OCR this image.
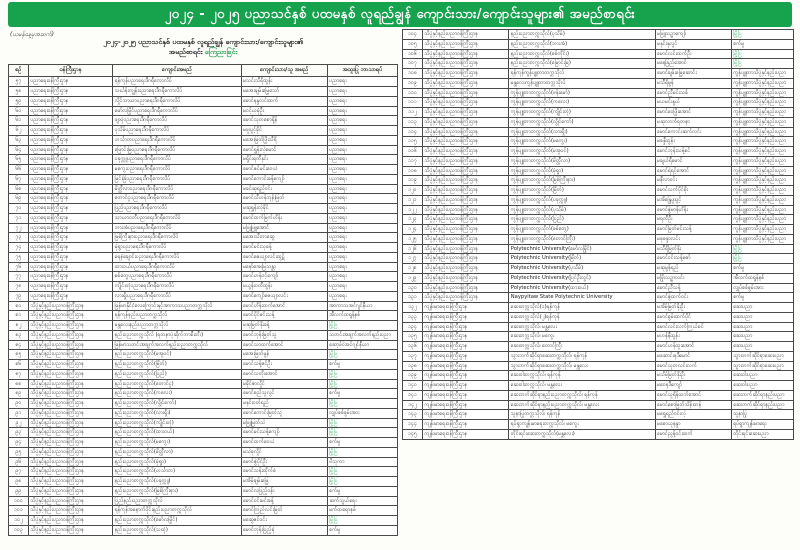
၂၀၂၄ - ၂၀၂၅ ပညာသင်နှစ် ပထမနှစ် လူရည်ချွန် ကျောင်းသား/ကျောင်းသူများ၏ အမည်စာရင်း
(ယမန်နေ့မှအဆက်)
၂၀၂၄-၂၀၂၅ ပညာသင်နှစ် ပထမနှစ် လူရည်ချွန် ကျောင်းသား/ကျောင်းသူများ၏
အမည်စာရင်း ကြေညာခြင်း
စဉ်	ဝန်ကြီးဌာန	ကျောင်းအမည်	ကျောင်းသား/သူ အမည်	အထူးပြု ဘာသာရပ်
၅၇	ပညာရေးဝန်ကြီးဌာန	ရန်ကုန်ပညာရေးဒီဂရီကောလိပ်	မသင်းသီရိထွန်း	ပညာရေး
၅၈	ပညာရေးဝန်ကြီးဌာန	သင်္ဃန်းကျွန်းပညာရေးဒီဂရီကောလိပ်	မအေးချမ်းမြေ့သော်	ပညာရေး
၅၉	ပညာရေးဝန်ကြီးဌာန	လှိုင်သာယာပညာရေးဒီဂရီကောလိပ်	မောင်နန္ဒလင်းထက်	ပညာရေး
၆၀	ပညာရေးဝန်ကြီးဌာန	မော်လမြိုင်ပညာရေးဒီဂရီကောလိပ်	မဝင့်ယမုံဦး	ပညာရေး
၆၁	ပညာရေးဝန်ကြီးဌာန	ဖျာပုံပညာရေးဒီဂရီကောလိပ်	မောင်သုတစောရှိန်	ပညာရေး
၆၂	ပညာရေးဝန်ကြီးဌာန	ပုသိမ်ပညာရေးဒီဂရီကောလိပ်	မဖူးပွင့်ခိုင်	ပညာရေး
၆၃	ပညာရေးဝန်ကြီးဌာန	ဟင်္သာတပညာရေးဒီဂရီကောလိပ်	မအေးမြတ်ဖြိုးသီရိ	ပညာရေး
၆၄	ပညာရေးဝန်ကြီးဌာန	မြောင်းမြပညာရေးဒီဂရီကောလိပ်	မောင်ရွှန်းလဲ့မောင်	ပညာရေး
၆၅	ပညာရေးဝန်ကြီးဌာန	ပခုက္ကူပညာရေးဒီဂရီကောလိပ်	မရှိုင်းရတီနှင်း	ပညာရေး
၆၆	ပညာရေးဝန်ကြီးဌာန	မကွေးပညာရေးဒီဂရီကောလိပ်	မောင်ဇင်မင်းဝေယံ	ပညာရေး
၆၇	ပညာရေးဝန်ကြီးဌာန	မြင်းခြံပညာရေးဒီဂရီကောလိပ်	မောင်ကောင်းခန့်ကျော်	ပညာရေး
၆၈	ပညာရေးဝန်ကြီးဌာန	မိတ္ထီလာပညာရေးဒီဂရီကောလိပ်	မခင်ဆုရည်ဝင်း	ပညာရေး
၆၉	ပညာရေးဝန်ကြီးဌာန	တောင်ငူပညာရေးဒီဂရီကောလိပ်	မောင်သီဟန်ဘုန်းမြတ်	ပညာရေး
၇၀	ပညာရေးဝန်ကြီးဌာန	ပြည်ပညာရေးဒီဂရီကောလိပ်	မဆုရွှန်းလဲ့ခိုင်	ပညာရေး
၇၁	ပညာရေးဝန်ကြီးဌာန	သာယာဝတီပညာရေးဒီဂရီကောလိပ်	မောင်ထက်မြက်ဟိန်း	ပညာရေး
၇၂	ပညာရေးဝန်ကြီးဌာန	ဘားအံပညာရေးဒီဂရီကောလိပ်	မဖြူဖြူအောင်	ပညာရေး
၇၃	ပညာရေးဝန်ကြီးဌာန	မြစ်ကြီးနားပညာရေးဒီဂရီကောလိပ်	မအေးသီတာဆွေ	ပညာရေး
၇၄	ပညာရေးဝန်ကြီးဌာန	မုံရွာပညာရေးဒီဂရီကောလိပ်	မောင်မင်းသုခန့်	ပညာရေး
၇၅	ပညာရေးဝန်ကြီးဌာန	ရေနံချောင်းပညာရေးဒီဂရီကောလိပ်	မောင်ဇေယျာလင်းထွဋ်	ပညာရေး
၇၆	ပညာရေးဝန်ကြီးဌာန	ထားဝယ်ပညာရေးဒီဂရီကောလိပ်	မနော်အေးမြသန္တာ	ပညာရေး
၇၇	ပညာရေးဝန်ကြီးဌာန	စစ်တွေပညာရေးဒီဂရီကောလိပ်	မောင်ဟန်ဝင့်ကျော်	ပညာရေး
၇၈	ပညာရေးဝန်ကြီးဌာန	ကျိုင်းတုံပညာရေးဒီဂရီကောလိပ်	မယွန်းဝတီထွန်း	ပညာရေး
၇၉	ပညာရေးဝန်ကြီးဌာန	လားရှိုးပညာရေးဒီဂရီကောလိပ်	မောင်ကျော်ဇေယျာလင်း	ပညာရေး
၈၀	သိပ္ပံနှင့်နည်းပညာဝန်ကြီးဌာန	မြန်မာနိုင်ငံလေကြောင်းနှင့်အာကာသပညာတက္ကသိုလ်	မောင်ဟိန်းထက်အောင်	အာကာသအင်ဂျင်နီယာ
၈၁	သိပ္ပံနှင့်နည်းပညာဝန်ကြီးဌာန	ရန်ကုန်နည်းပညာတက္ကသိုလ်	မောင်ပိုင်မင်းသန့်	အီလက်ထရွန်နစ်
၈၂	သိပ္ပံနှင့်နည်းပညာဝန်ကြီးဌာန	မန္တလေးနည်းပညာတက္ကသိုလ်	မဆုမြတ်နိုးခန့်	မြို့ပြ
၈၃	သိပ္ပံနှင့်နည်းပညာဝန်ကြီးဌာန	နည်းပညာတက္ကသိုလ် (ရတနာပုံဆိုက်ဘာစီးတီး)	မောင်ဘုန်းမြတ်သူ	သတင်းအချက်အလက်နည်းပညာ
၈၄	သိပ္ပံနှင့်နည်းပညာဝန်ကြီးဌာန	မြန်မာသတင်းအချက်အလက်နည်းပညာတက္ကသိုလ်	မောင်သာထက်အောင်	ဆော့ဖ်ဝဲအင်ဂျင်နီယာ
၈၅	သိပ္ပံနှင့်နည်းပညာဝန်ကြီးဌာန	နည်းပညာတက္ကသိုလ်(မအူပင်)	မအေးမြတ်မွန်	မြို့ပြ
၈၆	သိပ္ပံနှင့်နည်းပညာဝန်ကြီးဌာန	နည်းပညာတက္ကသိုလ်(မြိတ်)	မောင်သန့်ဇင်ဦး	စက်မှု
၈၇	သိပ္ပံနှင့်နည်းပညာဝန်ကြီးဌာန	နည်းပညာတက္ကသိုလ်(ပြည်)	မောင်သတိုးအောင်	မြို့ပြ
၈၈	သိပ္ပံနှင့်နည်းပညာဝန်ကြီးဌာန	နည်းပညာတက္ကသိုလ်(တောင်ငူ)	မခိုင်ဇာလှိုင်	မြို့ပြ
၈၉	သိပ္ပံနှင့်နည်းပညာဝန်ကြီးဌာန	နည်းပညာတက္ကသိုလ်(ကလေး)	မောင်စည်သူလွင်	စက်မှု
၉၀	သိပ္ပံနှင့်နည်းပညာဝန်ကြီးဌာန	နည်းပညာတက္ကသိုလ်(လွိုင်ကော်)	မနှင်းဝတ်ရည်	မြို့ပြ
၉၁	သိပ္ပံနှင့်နည်းပညာဝန်ကြီးဌာန	နည်းပညာတက္ကသိုလ်(လားရှိုး)	မောင်ကောင်းမြတ်သူ	လျှပ်စစ်စွမ်းအား
၉၂	သိပ္ပံနှင့်နည်းပညာဝန်ကြီးဌာန	နည်းပညာတက္ကသိုလ်(ကျိုင်းတုံ)	မဖြူမြတ်သဲ	မြို့ပြ
၉၃	သိပ္ပံနှင့်နည်းပညာဝန်ကြီးဌာန	နည်းပညာတက္ကသိုလ်(ထားဝယ်)	မောင်မင်းသန့်ကျော်	မြို့ပြ
၉၄	သိပ္ပံနှင့်နည်းပညာဝန်ကြီးဌာန	နည်းပညာတက္ကသိုလ်(မကွေး)	မောင်ထက်ဝေယံ	စက်မှု
၉၅	သိပ္ပံနှင့်နည်းပညာဝန်ကြီးဌာန	နည်းပညာတက္ကသိုလ်(မိတ္ထီလာ)	မသဲစုလှိုင်	မြို့ပြ
၉၆	သိပ္ပံနှင့်နည်းပညာဝန်ကြီးဌာန	နည်းပညာတက္ကသိုလ်(မုံရွာ)	မောင်ဇွဲပိုင်ဦး	ဗိသုကာ
၉၇	သိပ္ပံနှင့်နည်းပညာဝန်ကြီးဌာန	နည်းပညာတက္ကသိုလ်(ဟင်္သာတ)	မောင်သန်းထိုက်စံ	မြို့ပြ
၉၈	သိပ္ပံနှင့်နည်းပညာဝန်ကြီးဌာန	နည်းပညာတက္ကသိုလ်(ပခုက္ကူ)	မအိမ့်ချမ်းမြေ့	မြို့ပြ
၉၉	သိပ္ပံနှင့်နည်းပညာဝန်ကြီးဌာန	နည်းပညာတက္ကသိုလ်(မြစ်ကြီးနား)	မောင်လပြည့်ဝန်း	စက်မှု
၁၀၀	သိပ္ပံနှင့်နည်းပညာဝန်ကြီးဌာန	ပြည်နည်းပညာတက္ကသိုလ်	မောင်ဝင်းမင်းခန့်	ဆက်သွယ်ရေး
၁၀၁	သိပ္ပံနှင့်နည်းပညာဝန်ကြီးဌာန	ရန်ကုန်အနောက်ပိုင်းနည်းပညာတက္ကသိုလ်	မောင်ကြည်လင်းမြတ်	မက်ထရောနစ်
၁၀၂	သိပ္ပံနှင့်နည်းပညာဝန်ကြီးဌာန	နည်းပညာတက္ကသိုလ်(မော်လမြိုင်)	မဆွေဇင်ဝင်း	မြို့ပြ
၁၀၃	သိပ္ပံနှင့်နည်းပညာဝန်ကြီးဌာန	နည်းပညာတက္ကသိုလ်(သထုံ)	မောင်ဘုန်းပြည့်စုံ	စက်မှု
၁၀၄	သိပ္ပံနှင့်နည်းပညာဝန်ကြီးဌာန	နည်းပညာတက္ကသိုလ်(ပုသိမ်)	မဖြူသဉ္ဇာကျော်	မြို့ပြ
၁၀၅	သိပ္ပံနှင့်နည်းပညာဝန်ကြီးဌာန	နည်းပညာတက္ကသိုလ်(ဘားအံ)	မနှင်းနုလွင်	စက်မှု
၁၀၆	သိပ္ပံနှင့်နည်းပညာဝန်ကြီးဌာန	နည်းပညာတက္ကသိုလ်(စစ်ကိုင်း)	မောင်လင်းထက်ဦး	မြို့ပြ
၁၀၇	သိပ္ပံနှင့်နည်းပညာဝန်ကြီးဌာန	နည်းပညာတက္ကသိုလ်(မြောင်းမြ)	မနေခြည်အောင်	မြို့ပြ
၁၀၈	သိပ္ပံနှင့်နည်းပညာဝန်ကြီးဌာန	ရန်ကုန်ကွန်ပျူတာတက္ကသိုလ်	မောင်ချမ်းမြေ့ဆောင်း	ကွန်ပျူတာသိပ္ပံနှင့်နည်းပညာ
၁၀၉	သိပ္ပံနှင့်နည်းပညာဝန်ကြီးဌာန	မန္တလေးကွန်ပျူတာတက္ကသိုလ်	မသီရိမွန်	ကွန်ပျူတာသိပ္ပံနှင့်နည်းပညာ
၁၁၀	သိပ္ပံနှင့်နည်းပညာဝန်ကြီးဌာန	ကွန်ပျူတာတက္ကသိုလ်(ဗန်းမော်)	မောင်ညီမင်းသစ်	ကွန်ပျူတာသိပ္ပံနှင့်နည်းပညာ
၁၁၁	သိပ္ပံနှင့်နည်းပညာဝန်ကြီးဌာန	ကွန်ပျူတာတက္ကသိုလ်(ကလေး)	မယမင်းနွယ်	ကွန်ပျူတာသိပ္ပံနှင့်နည်းပညာ
၁၁၂	သိပ္ပံနှင့်နည်းပညာဝန်ကြီးဌာန	ကွန်ပျူတာတက္ကသိုလ်(ကျိုင်းတုံ)	မောင်ဝေဖြိုးအောင်	ကွန်ပျူတာသိပ္ပံနှင့်နည်းပညာ
၁၁၃	သိပ္ပံနှင့်နည်းပညာဝန်ကြီးဌာန	ကွန်ပျူတာတက္ကသိုလ်(လွိုင်ကော်)	မဆုလာဘ်ရတနာ	ကွန်ပျူတာသိပ္ပံနှင့်နည်းပညာ
၁၁၄	သိပ္ပံနှင့်နည်းပညာဝန်ကြီးဌာန	ကွန်ပျူတာတက္ကသိုလ်(လားရှိုး)	မောင်ကောင်းဆက်လင်း	ကွန်ပျူတာသိပ္ပံနှင့်နည်းပညာ
၁၁၅	သိပ္ပံနှင့်နည်းပညာဝန်ကြီးဌာန	ကွန်ပျူတာတက္ကသိုလ်(မကွေး)	မစန္ဒီထွန်း	ကွန်ပျူတာသိပ္ပံနှင့်နည်းပညာ
၁၁၆	သိပ္ပံနှင့်နည်းပညာဝန်ကြီးဌာန	ကွန်ပျူတာတက္ကသိုလ်(မအူပင်)	မောင်ဘုန်းသန့်စင်	ကွန်ပျူတာသိပ္ပံနှင့်နည်းပညာ
၁၁၇	သိပ္ပံနှင့်နည်းပညာဝန်ကြီးဌာန	ကွန်ပျူတာတက္ကသိုလ်(မိတ္ထီလာ)	မချယ်ရီမောင်	ကွန်ပျူတာသိပ္ပံနှင့်နည်းပညာ
၁၁၈	သိပ္ပံနှင့်နည်းပညာဝန်ကြီးဌာန	ကွန်ပျူတာတက္ကသိုလ်(မုံရွာ)	မောင်ရဲရင့်အောင်	ကွန်ပျူတာသိပ္ပံနှင့်နည်းပညာ
၁၁၉	သိပ္ပံနှင့်နည်းပညာဝန်ကြီးဌာန	ကွန်ပျူတာတက္ကသိုလ်(မြစ်ကြီးနား)	မနီလာဝင်း	ကွန်ပျူတာသိပ္ပံနှင့်နည်းပညာ
၁၂၀	သိပ္ပံနှင့်နည်းပညာဝန်ကြီးဌာန	ကွန်ပျူတာတက္ကသိုလ်(မြိတ်)	မောင်သက်ပိုင်စိုး	ကွန်ပျူတာသိပ္ပံနှင့်နည်းပညာ
၁၂၁	သိပ္ပံနှင့်နည်းပညာဝန်ကြီးဌာန	ကွန်ပျူတာတက္ကသိုလ်(ပခုက္ကူ)	မအိန္ဒြေဖူးပွင့်	ကွန်ပျူတာသိပ္ပံနှင့်နည်းပညာ
၁၂၂	သိပ္ပံနှင့်နည်းပညာဝန်ကြီးဌာန	ကွန်ပျူတာတက္ကသိုလ်(ပုသိမ်)	မောင်ဇွဲမာန်ဟိန်း	ကွန်ပျူတာသိပ္ပံနှင့်နည်းပညာ
၁၂၃	သိပ္ပံနှင့်နည်းပညာဝန်ကြီးဌာန	ကွန်ပျူတာတက္ကသိုလ်(ပြည်)	မရတီဦး	ကွန်ပျူတာသိပ္ပံနှင့်နည်းပညာ
၁၂၄	သိပ္ပံနှင့်နည်းပညာဝန်ကြီးဌာန	ကွန်ပျူတာတက္ကသိုလ်(စစ်တွေ)	မောင်မြတ်မင်းသန့်	ကွန်ပျူတာသိပ္ပံနှင့်နည်းပညာ
၁၂၅	သိပ္ပံနှင့်နည်းပညာဝန်ကြီးဌာန	ကွန်ပျူတာတက္ကသိုလ်(တောင်ကြီး)	မစုစန္ဒာလင်း	ကွန်ပျူတာသိပ္ပံနှင့်နည်းပညာ
၁၂၆	သိပ္ပံနှင့်နည်းပညာဝန်ကြီးဌာန	Polytechnic University(မော်လမြိုင်)	မသီရိမြတ်နိုး	မြို့ပြ
၁၂၇	သိပ္ပံနှင့်နည်းပညာဝန်ကြီးဌာန	Polytechnic University(မြိတ်)	မောင်ဝင်းသန့်ဇော်	မြို့ပြ
၁၂၈	သိပ္ပံနှင့်နည်းပညာဝန်ကြီးဌာန	Polytechnic University(ပုသိမ်)	မဆုမွန်ရည်	စက်မှု
၁၂၉	သိပ္ပံနှင့်နည်းပညာဝန်ကြီးဌာန	Polytechnic University(ပြင်ဦးလွင်)	မဖြိုးသဉ္ဇာလင်း	အီလက်ထရွန်နစ်
၁၃၀	သိပ္ပံနှင့်နည်းပညာဝန်ကြီးဌာန	Polytechnic University(ထားဝယ်)	မောင်ညီသန့်	လျှပ်စစ်စွမ်းအား
၁၃၁	သိပ္ပံနှင့်နည်းပညာဝန်ကြီးဌာန	Naypyitaw State Polytechnic University	မောင်ဇွဲထက်ဝင်း	စက်မှု
၁၃၂	ကျန်းမာရေးဝန်ကြီးဌာန	ဆေးတက္ကသိုလ်(၁)ရန်ကုန်	မအိမ့်မြတ်နိုးဦး	ဆေးပညာ
၁၃၃	ကျန်းမာရေးဝန်ကြီးဌာန	ဆေးတက္ကသိုလ်(၂)ရန်ကုန်	မောင်စွမ်းထက်ပိုင်	ဆေးပညာ
၁၃၄	ကျန်းမာရေးဝန်ကြီးဌာန	ဆေးတက္ကသိုလ်၊ မန္တလေး	မောင်လင်းလက်ကြယ်စင်	ဆေးပညာ
၁၃၅	ကျန်းမာရေးဝန်ကြီးဌာန	ဆေးတက္ကသိုလ်၊ မကွေး	မဟန်နီထွန်း	ဆေးပညာ
၁၃၆	ကျန်းမာရေးဝန်ကြီးဌာန	ဆေးတက္ကသိုလ်၊ တောင်ကြီး	မောင်ဟန်ထူးအောင်	ဆေးပညာ
၁၃၇	ကျန်းမာရေးဝန်ကြီးဌာန	သွားဘက်ဆိုင်ရာဆေးတက္ကသိုလ်၊ ရန်ကုန်	မဆောင်းနဒီမောင်	သွားဘက်ဆိုင်ရာဆေးပညာ
၁၃၈	ကျန်းမာရေးဝန်ကြီးဌာန	သွားဘက်ဆိုင်ရာဆေးတက္ကသိုလ်၊ မန္တလေး	မောင်သုတလင်းလက်	သွားဘက်ဆိုင်ရာဆေးပညာ
၁၃၉	ကျန်းမာရေးဝန်ကြီးဌာန	ဆေးဝါးတက္ကသိုလ်၊ ရန်ကုန်	မသိမ့်မြတ်နိုးဦး	ဆေးဝါးပညာ
၁၄၀	ကျန်းမာရေးဝန်ကြီးဌာန	ဆေးဝါးတက္ကသိုလ်၊ မန္တလေး	မဝေနဒီကျော်	ဆေးဝါးပညာ
၁၄၁	ကျန်းမာရေးဝန်ကြီးဌာန	ဆေးဘက်ဆိုင်ရာနည်းပညာတက္ကသိုလ်၊ ရန်ကုန်	မောင်သူရိန်ထက်အောင်	ဆေးဘက်ဆိုင်ရာနည်းပညာ
၁၄၂	ကျန်းမာရေးဝန်ကြီးဌာန	ဆေးဘက်ဆိုင်ရာနည်းပညာတက္ကသိုလ်၊ မန္တလေး	မောင်စောမြတ်သိန်းတန်	ဆေးဘက်ဆိုင်ရာနည်းပညာ
၁၄၃	ကျန်းမာရေးဝန်ကြီးဌာန	သူနာပြုတက္ကသိုလ်၊ ရန်ကုန်	မရွှေရည်ဝင်းလဲ့	သူနာပြု
၁၄၄	ကျန်းမာရေးဝန်ကြီးဌာန	ရပ်ရွာကျန်းမာရေးတက္ကသိုလ်၊ မကွေး	မစောယုနန္ဒာ	ရပ်ရွာကျန်းမာရေး
၁၄၅	ကျန်းမာရေးဝန်ကြီးဌာန	တိုင်းရင်းဆေးတက္ကသိုလ်(မန္တလေး)	မောင်ညွန့်ဝင်းထက်	တိုင်းရင်းဆေးပညာ
